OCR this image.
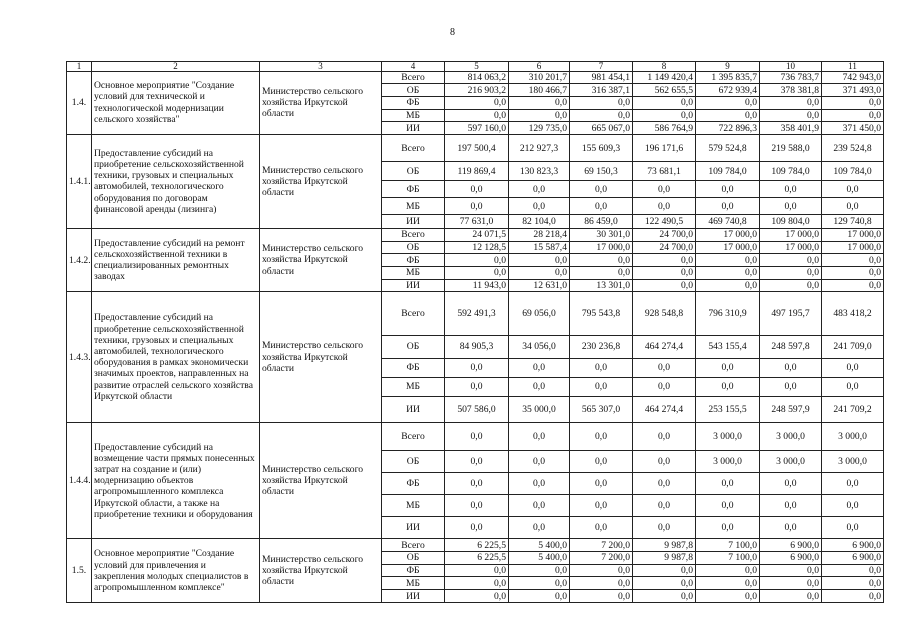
8
1	2	3	4	5	6	7	8	9	10	11
1.4.	Основное мероприятие "Создание условий для технической и технологической модернизации сельского хозяйства"	Министерство сельского хозяйства Иркутской области	Всего	814 063,2	310 201,7	981 454,1	1 149 420,4	1 395 835,7	736 783,7	742 943,0
			ОБ	216 903,2	180 466,7	316 387,1	562 655,5	672 939,4	378 381,8	371 493,0
			ФБ	0,0	0,0	0,0	0,0	0,0	0,0	0,0
			МБ	0,0	0,0	0,0	0,0	0,0	0,0	0,0
			ИИ	597 160,0	129 735,0	665 067,0	586 764,9	722 896,3	358 401,9	371 450,0
1.4.1.	Предоставление субсидий на приобретение сельскохозяйственной техники, грузовых и специальных автомобилей, технологического оборудования по договорам финансовой аренды (лизинга)	Министерство сельского хозяйства Иркутской области	Всего	197 500,4	212 927,3	155 609,3	196 171,6	579 524,8	219 588,0	239 524,8
			ОБ	119 869,4	130 823,3	69 150,3	73 681,1	109 784,0	109 784,0	109 784,0
			ФБ	0,0	0,0	0,0	0,0	0,0	0,0	0,0
			МБ	0,0	0,0	0,0	0,0	0,0	0,0	0,0
			ИИ	77 631,0	82 104,0	86 459,0	122 490,5	469 740,8	109 804,0	129 740,8
1.4.2.	Предоставление субсидий на ремонт сельскохозяйственной техники в специализированных ремонтных заводах	Министерство сельского хозяйства Иркутской области	Всего	24 071,5	28 218,4	30 301,0	24 700,0	17 000,0	17 000,0	17 000,0
			ОБ	12 128,5	15 587,4	17 000,0	24 700,0	17 000,0	17 000,0	17 000,0
			ФБ	0,0	0,0	0,0	0,0	0,0	0,0	0,0
			МБ	0,0	0,0	0,0	0,0	0,0	0,0	0,0
			ИИ	11 943,0	12 631,0	13 301,0	0,0	0,0	0,0	0,0
1.4.3.	Предоставление субсидий на приобретение сельскохозяйственной техники, грузовых и специальных автомобилей, технологического оборудования в рамках экономически значимых проектов, направленных на развитие отраслей сельского хозяйства Иркутской области	Министерство сельского хозяйства Иркутской области	Всего	592 491,3	69 056,0	795 543,8	928 548,8	796 310,9	497 195,7	483 418,2
			ОБ	84 905,3	34 056,0	230 236,8	464 274,4	543 155,4	248 597,8	241 709,0
			ФБ	0,0	0,0	0,0	0,0	0,0	0,0	0,0
			МБ	0,0	0,0	0,0	0,0	0,0	0,0	0,0
			ИИ	507 586,0	35 000,0	565 307,0	464 274,4	253 155,5	248 597,9	241 709,2
1.4.4.	Предоставление субсидий на возмещение части прямых понесенных затрат на создание и (или) модернизацию объектов агропромышленного комплекса Иркутской области, а также на приобретение техники и оборудования	Министерство сельского хозяйства Иркутской области	Всего	0,0	0,0	0,0	0,0	3 000,0	3 000,0	3 000,0
			ОБ	0,0	0,0	0,0	0,0	3 000,0	3 000,0	3 000,0
			ФБ	0,0	0,0	0,0	0,0	0,0	0,0	0,0
			МБ	0,0	0,0	0,0	0,0	0,0	0,0	0,0
			ИИ	0,0	0,0	0,0	0,0	0,0	0,0	0,0
1.5.	Основное мероприятие "Создание условий для привлечения и закрепления молодых специалистов в агропромышленном комплексе"	Министерство сельского хозяйства Иркутской области	Всего	6 225,5	5 400,0	7 200,0	9 987,8	7 100,0	6 900,0	6 900,0
			ОБ	6 225,5	5 400,0	7 200,0	9 987,8	7 100,0	6 900,0	6 900,0
			ФБ	0,0	0,0	0,0	0,0	0,0	0,0	0,0
			МБ	0,0	0,0	0,0	0,0	0,0	0,0	0,0
			ИИ	0,0	0,0	0,0	0,0	0,0	0,0	0,0
